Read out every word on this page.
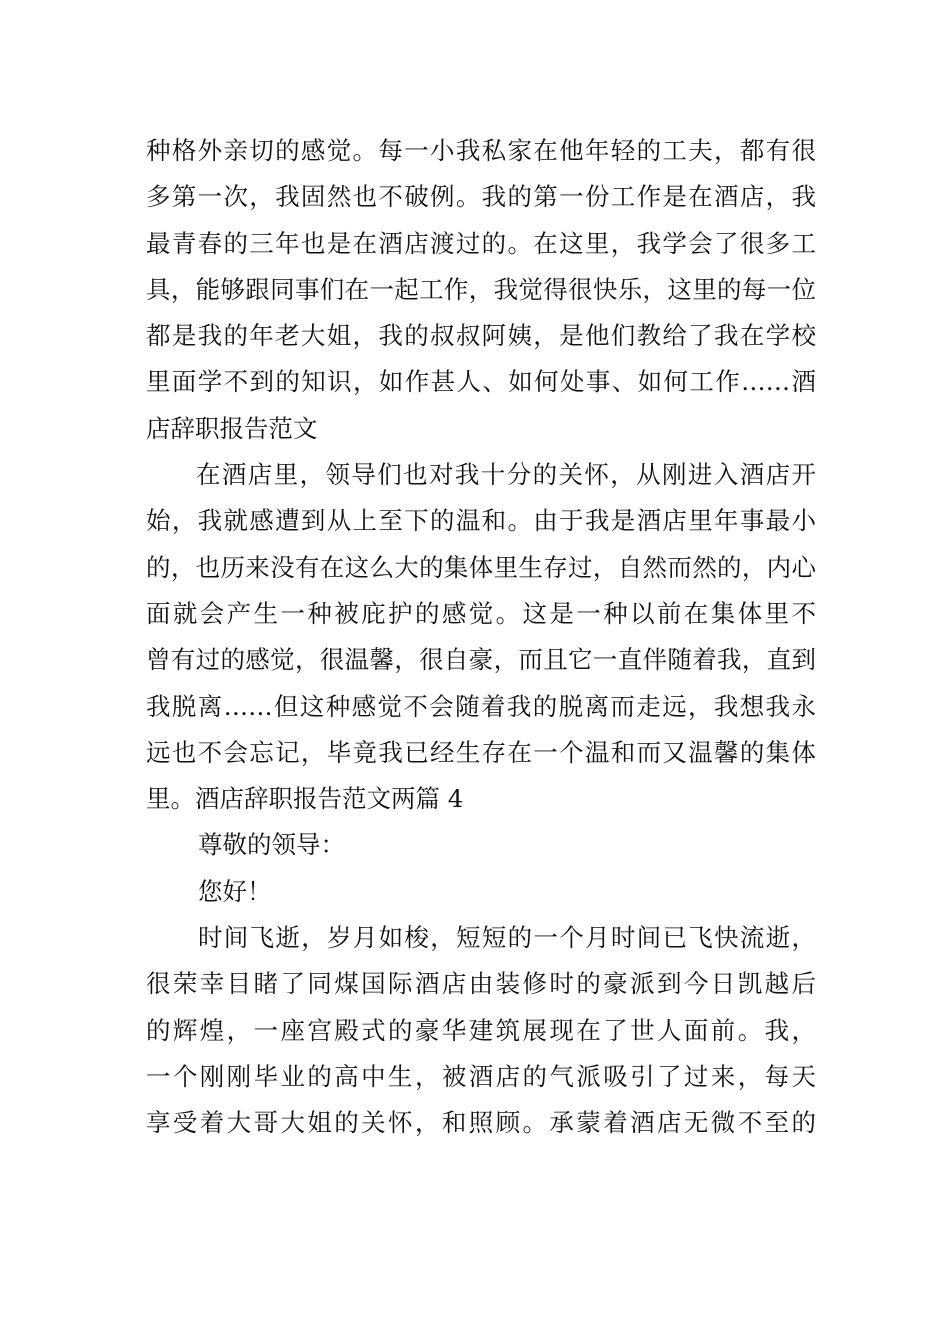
种格外亲切的感觉。每一小我私家在他年轻的工夫，都有很
多第一次，我固然也不破例。我的第一份工作是在酒店，我
最青春的三年也是在酒店渡过的。在这里，我学会了很多工
具，能够跟同事们在一起工作，我觉得很快乐，这里的每一位
都是我的年老大姐，我的叔叔阿姨，是他们教给了我在学校
里面学不到的知识，如作甚人、如何处事、如何工作……酒
店辞职报告范文
在酒店里，领导们也对我十分的关怀，从刚进入酒店开
始，我就感遭到从上至下的温和。由于我是酒店里年事最小
的，也历来没有在这么大的集体里生存过，自然而然的，内心
面就会产生一种被庇护的感觉。这是一种以前在集体里不
曾有过的感觉，很温馨，很自豪，而且它一直伴随着我，直到
我脱离……但这种感觉不会随着我的脱离而走远，我想我永
远也不会忘记，毕竟我已经生存在一个温和而又温馨的集体
里。酒店辞职报告范文两篇 4
尊敬的领导：
您好！
时间飞逝，岁月如梭，短短的一个月时间已飞快流逝，
很荣幸目睹了同煤国际酒店由装修时的豪派到今日凯越后
的辉煌，一座宫殿式的豪华建筑展现在了世人面前。我，
一个刚刚毕业的高中生，被酒店的气派吸引了过来，每天
享受着大哥大姐的关怀，和照顾。承蒙着酒店无微不至的
